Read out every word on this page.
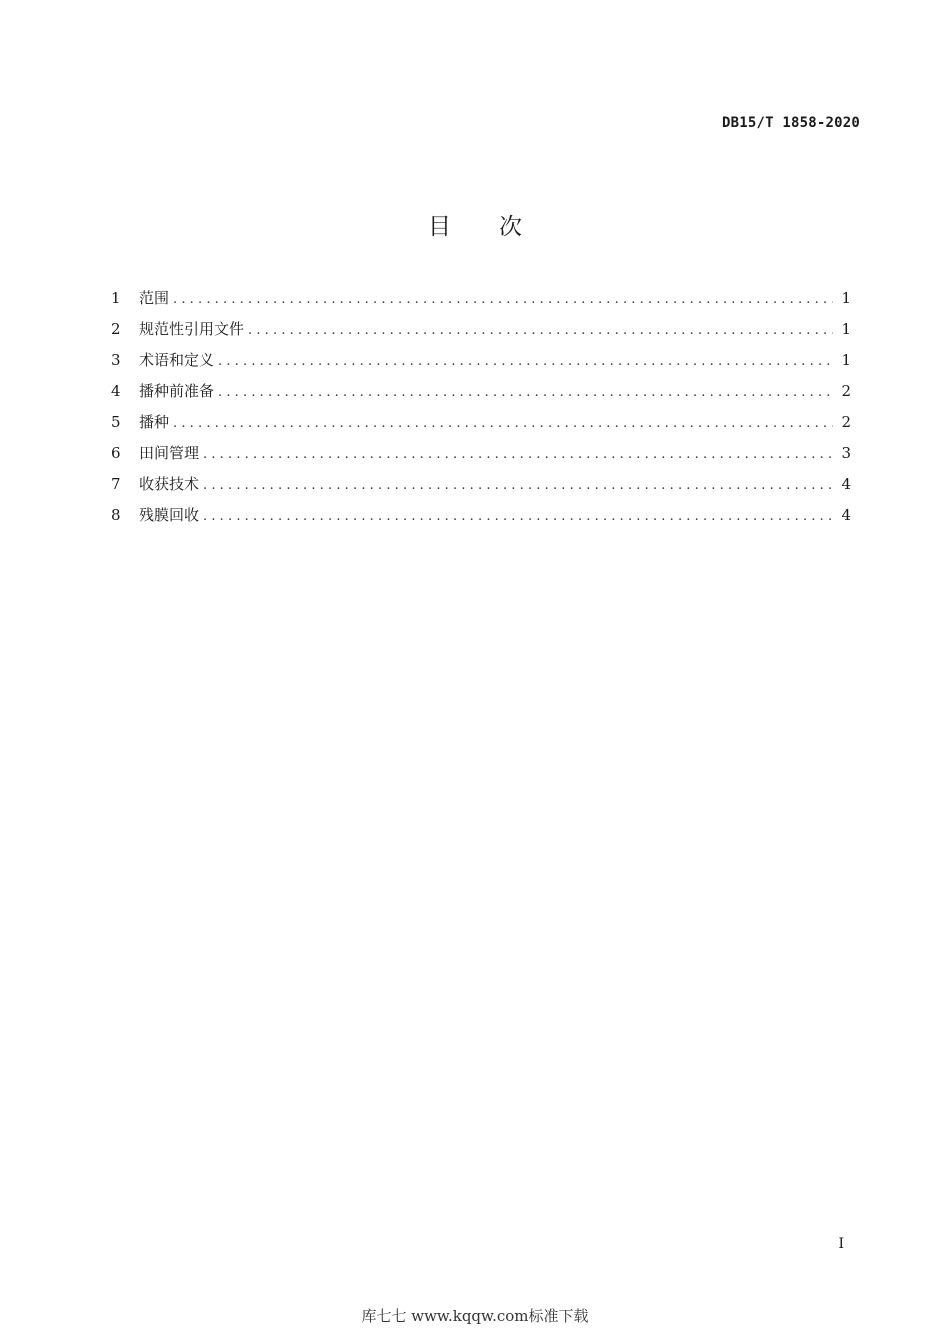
DB15/T 1858-2020
目次
1	范围 .....	1
2	规范性引用文件 .....	1
3	术语和定义 .....	1
4	播种前准备 .....	2
5	播种 .....	2
6	田间管理 .....	3
7	收获技术 .....	4
8	残膜回收 .....	4
I
库七七 www.kqqw.com标准下载
